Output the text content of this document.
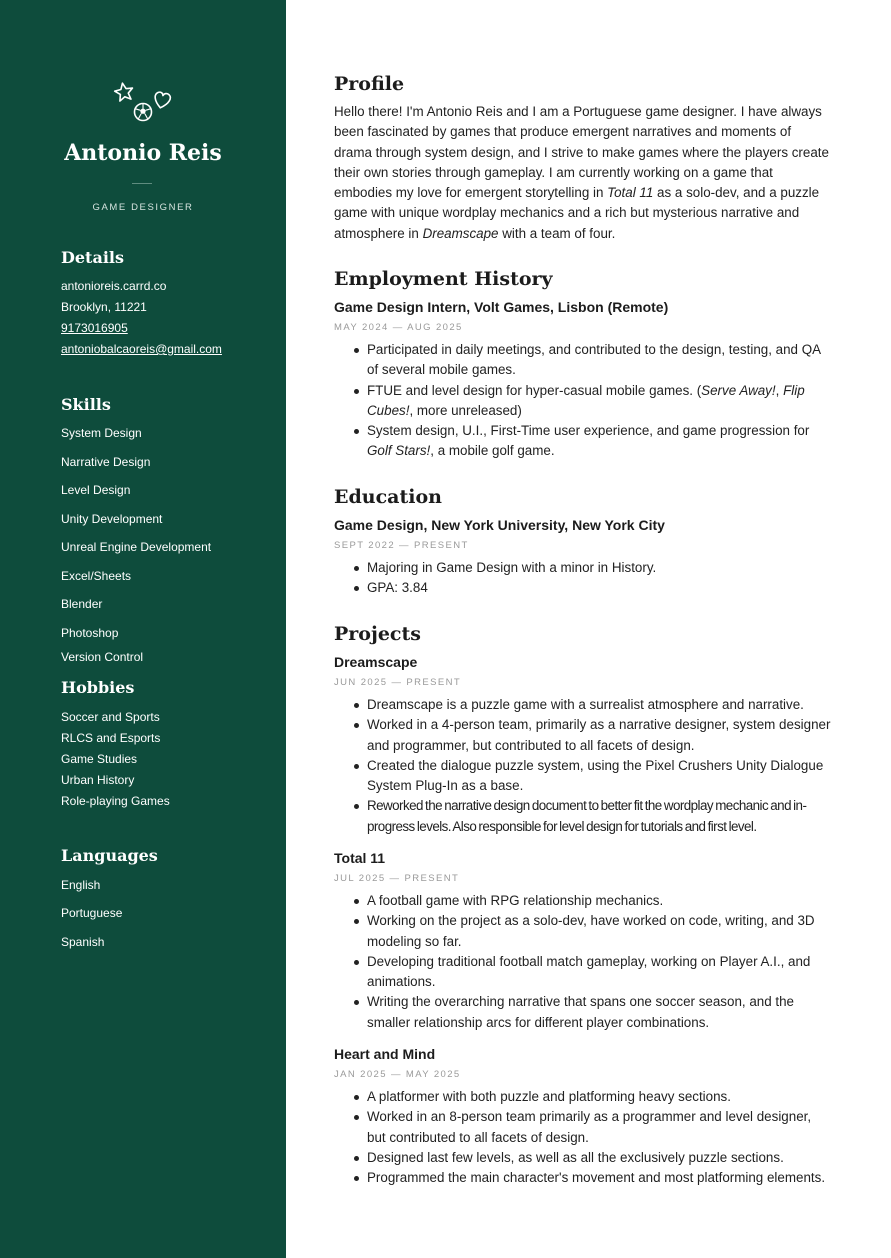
Antonio Reis
GAME DESIGNER
Details
antonioreis.carrd.co
Brooklyn, 11221
9173016905
antoniobalcaoreis@gmail.com
Skills
System Design
Narrative Design
Level Design
Unity Development
Unreal Engine Development
Excel/Sheets
Blender
Photoshop
Version Control
Hobbies
Soccer and Sports
RLCS and Esports
Game Studies
Urban History
Role-playing Games
Languages
English
Portuguese
Spanish
Profile

Hello there! I'm Antonio Reis and I am a Portuguese game designer. I have always been fascinated by games that produce emergent narratives and moments of drama through system design, and I strive to make games where the players create their own stories through gameplay. I am currently working on a game that embodies my love for emergent storytelling in Total 11 as a solo-dev, and a puzzle game with unique wordplay mechanics and a rich but mysterious narrative and atmosphere in Dreamscape with a team of four.

Employment History
Game Design Intern, Volt Games, Lisbon (Remote)
MAY 2024 — AUG 2025
Participated in daily meetings, and contributed to the design, testing, and QA of several mobile games.
FTUE and level design for hyper-casual mobile games. (Serve Away!, Flip Cubes!, more unreleased)
System design, U.I., First-Time user experience, and game progression for Golf Stars!, a mobile golf game.
Education
Game Design, New York University, New York City
SEPT 2022 — PRESENT
Majoring in Game Design with a minor in History.
GPA: 3.84
Projects
Dreamscape
JUN 2025 — PRESENT
Dreamscape is a puzzle game with a surrealist atmosphere and narrative.
Worked in a 4-person team, primarily as a narrative designer, system designer and programmer, but contributed to all facets of design.
Created the dialogue puzzle system, using the Pixel Crushers Unity Dialogue System Plug-In as a base.
Reworked the narrative design document to better fit the wordplay mechanic and in-progress levels. Also responsible for level design for tutorials and first level.
Total 11
JUL 2025 — PRESENT
A football game with RPG relationship mechanics.
Working on the project as a solo-dev, have worked on code, writing, and 3D modeling so far.
Developing traditional football match gameplay, working on Player A.I., and animations.
Writing the overarching narrative that spans one soccer season, and the smaller relationship arcs for different player combinations.
Heart and Mind
JAN 2025 — MAY 2025
A platformer with both puzzle and platforming heavy sections.
Worked in an 8-person team primarily as a programmer and level designer, but contributed to all facets of design.
Designed last few levels, as well as all the exclusively puzzle sections.
Programmed the main character's movement and most platforming elements.
